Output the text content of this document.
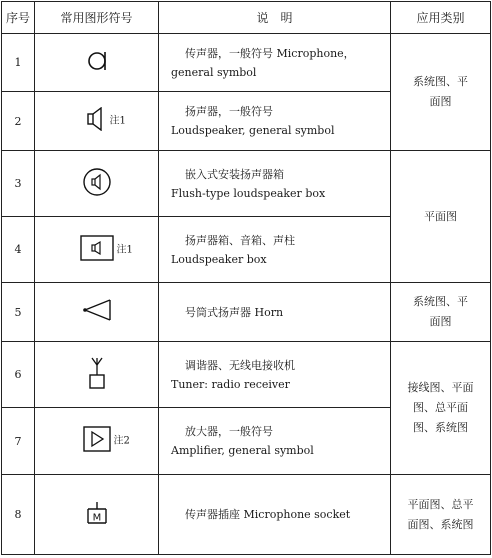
序号	常用图形符号	说　明	应用类别
1		传声器，一般符号 Microphone，
general symbol	系统图、平面图

2	注1	扬声器，一般符号
Loudspeaker, general symbol	

3		嵌入式安装扬声器箱
Flush-type loudspeaker box	平面图

4	注1	扬声器箱、音箱、声柱
Loudspeaker box	

5		号筒式扬声器 Horn	系统图、平面图

6		调谐器、无线电接收机
Tuner: radio receiver	接线图、平面图、总平面图、系统图

7	注2	放大器，一般符号
Amplifier, general symbol	

8	M	传声器插座 Microphone socket	平面图、总平面图、系统图
